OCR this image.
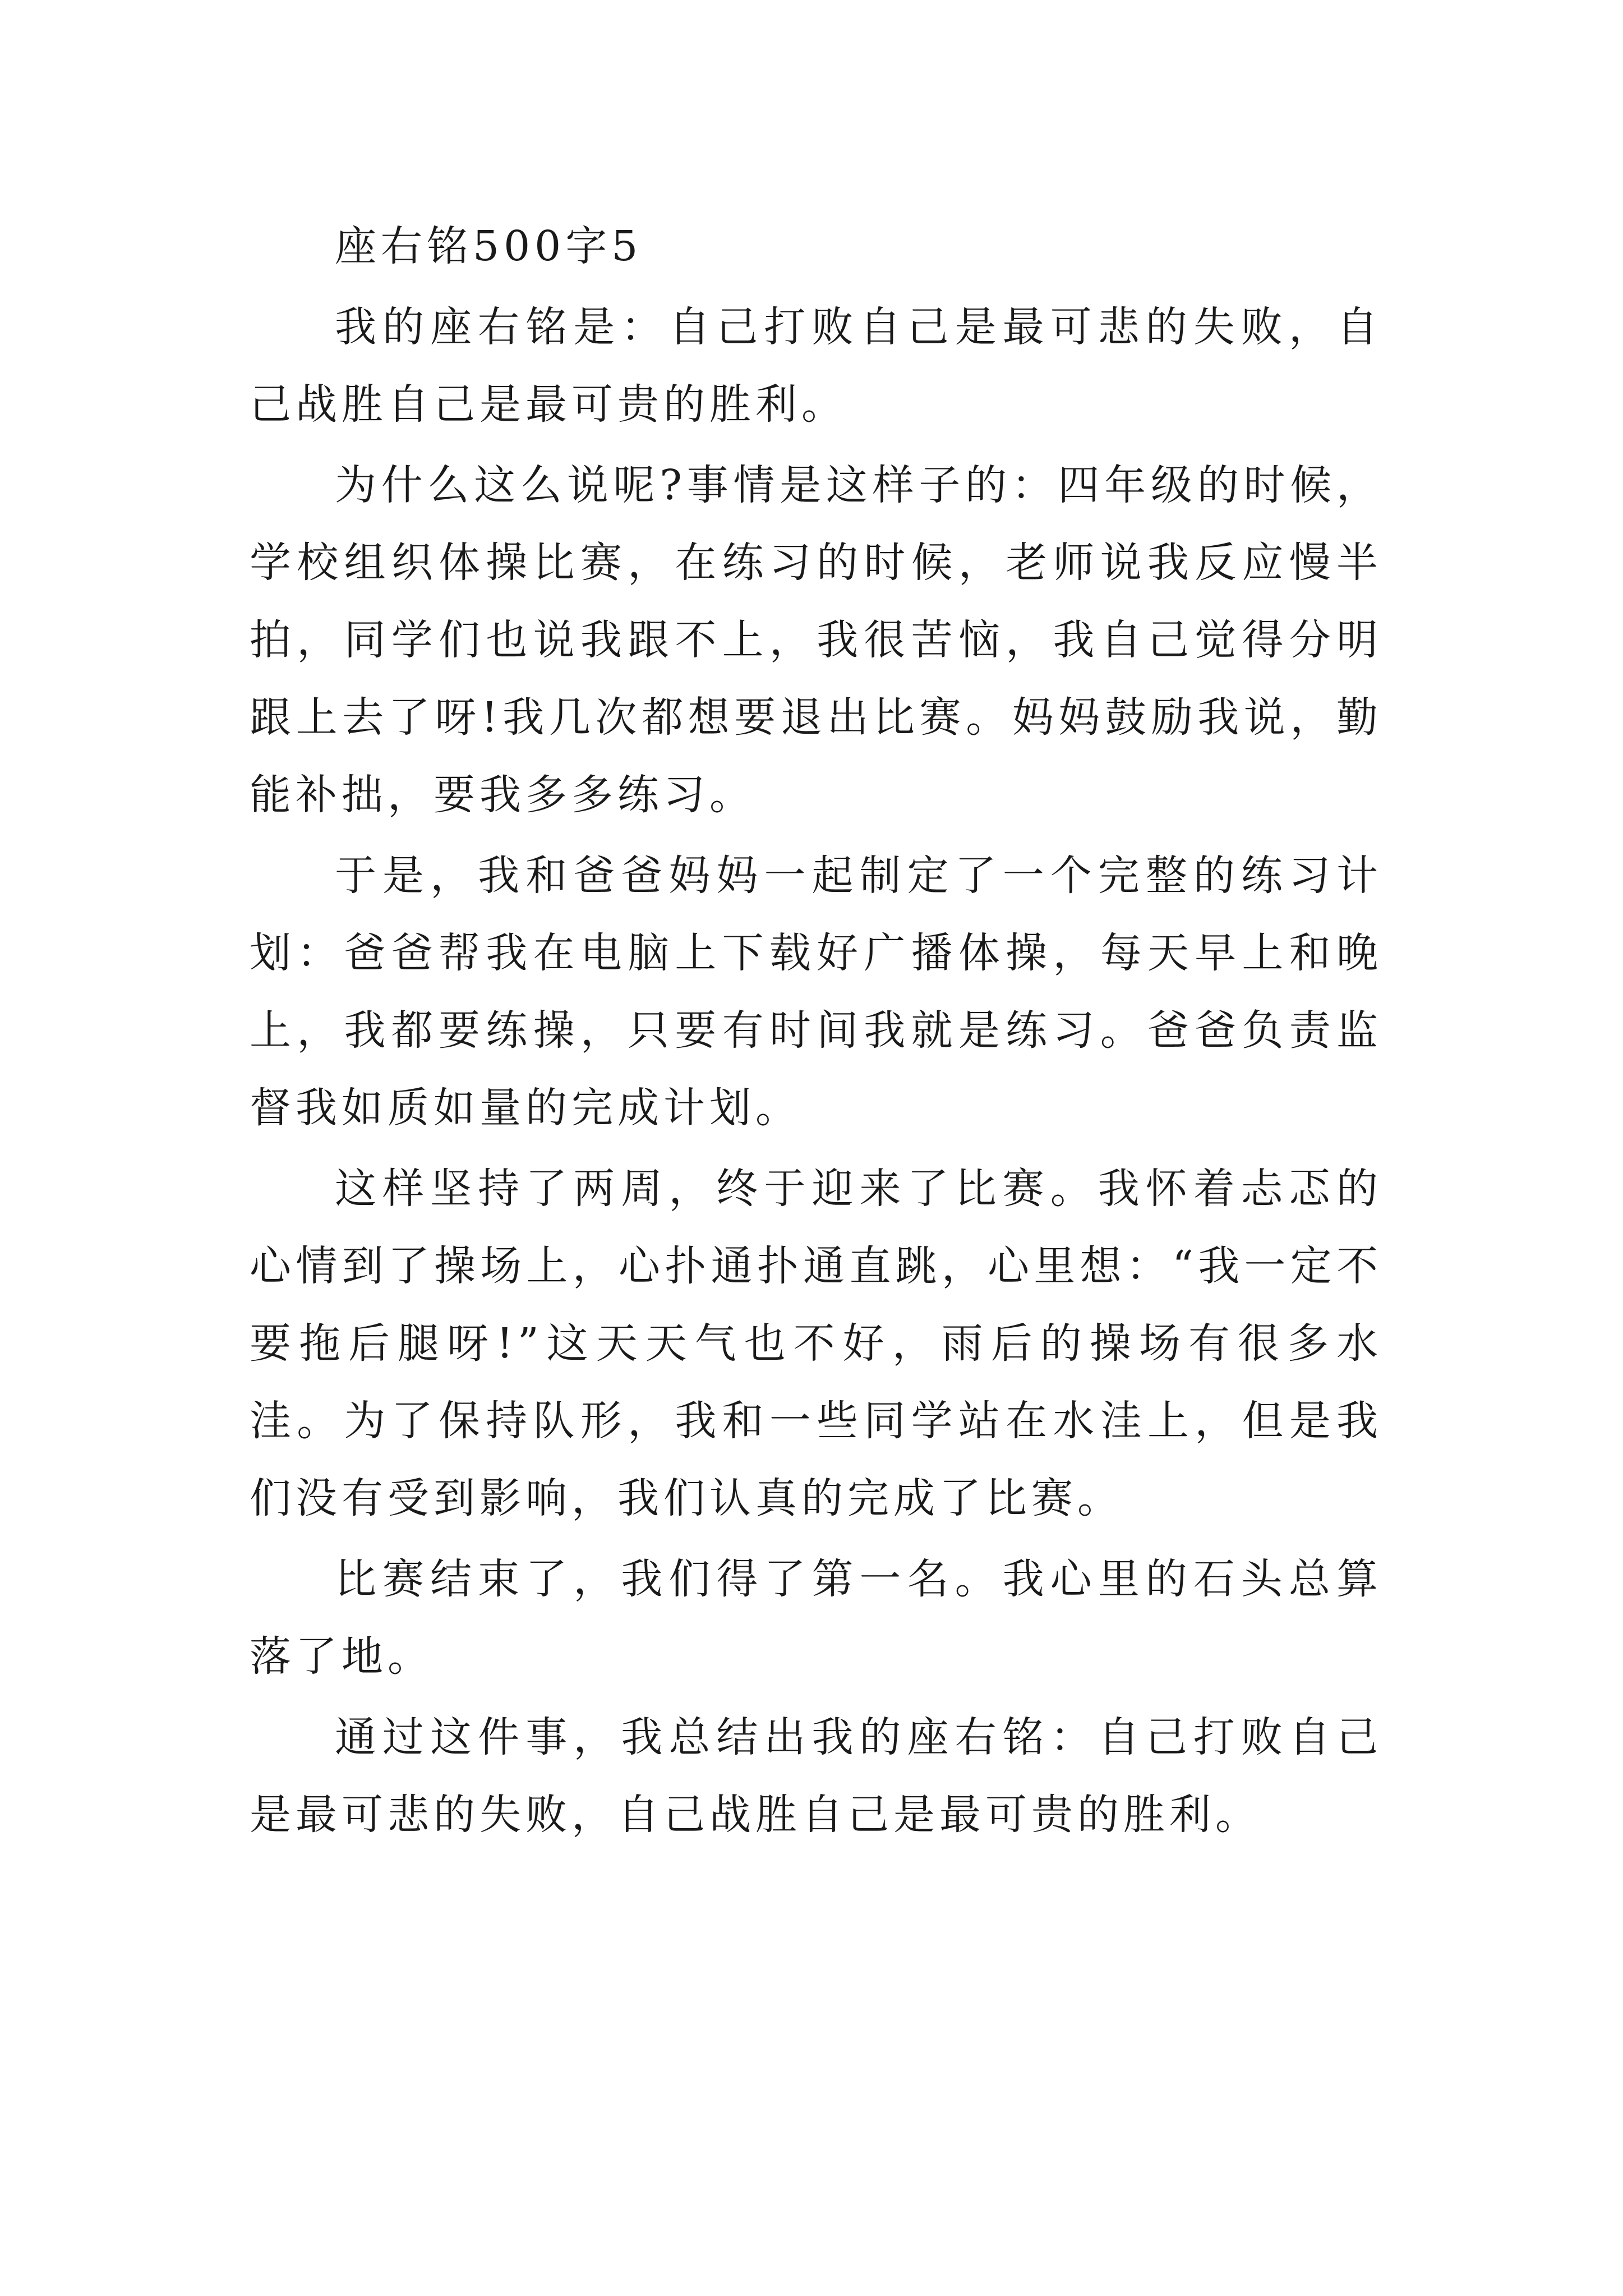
座右铭500字5

我的座右铭是：自己打败自己是最可悲的失败，自己战胜自己是最可贵的胜利。

为什么这么说呢?事情是这样子的：四年级的时候，学校组织体操比赛，在练习的时候，老师说我反应慢半拍，同学们也说我跟不上，我很苦恼，我自己觉得分明跟上去了呀!我几次都想要退出比赛。妈妈鼓励我说，勤能补拙，要我多多练习。

于是，我和爸爸妈妈一起制定了一个完整的练习计划：爸爸帮我在电脑上下载好广播体操，每天早上和晚上，我都要练操，只要有时间我就是练习。爸爸负责监督我如质如量的完成计划。

这样坚持了两周，终于迎来了比赛。我怀着忐忑的心情到了操场上，心扑通扑通直跳，心里想：“我一定不要拖后腿呀!”这天天气也不好，雨后的操场有很多水洼。为了保持队形，我和一些同学站在水洼上，但是我们没有受到影响，我们认真的完成了比赛。

比赛结束了，我们得了第一名。我心里的石头总算落了地。

通过这件事，我总结出我的座右铭：自己打败自己是最可悲的失败，自己战胜自己是最可贵的胜利。
